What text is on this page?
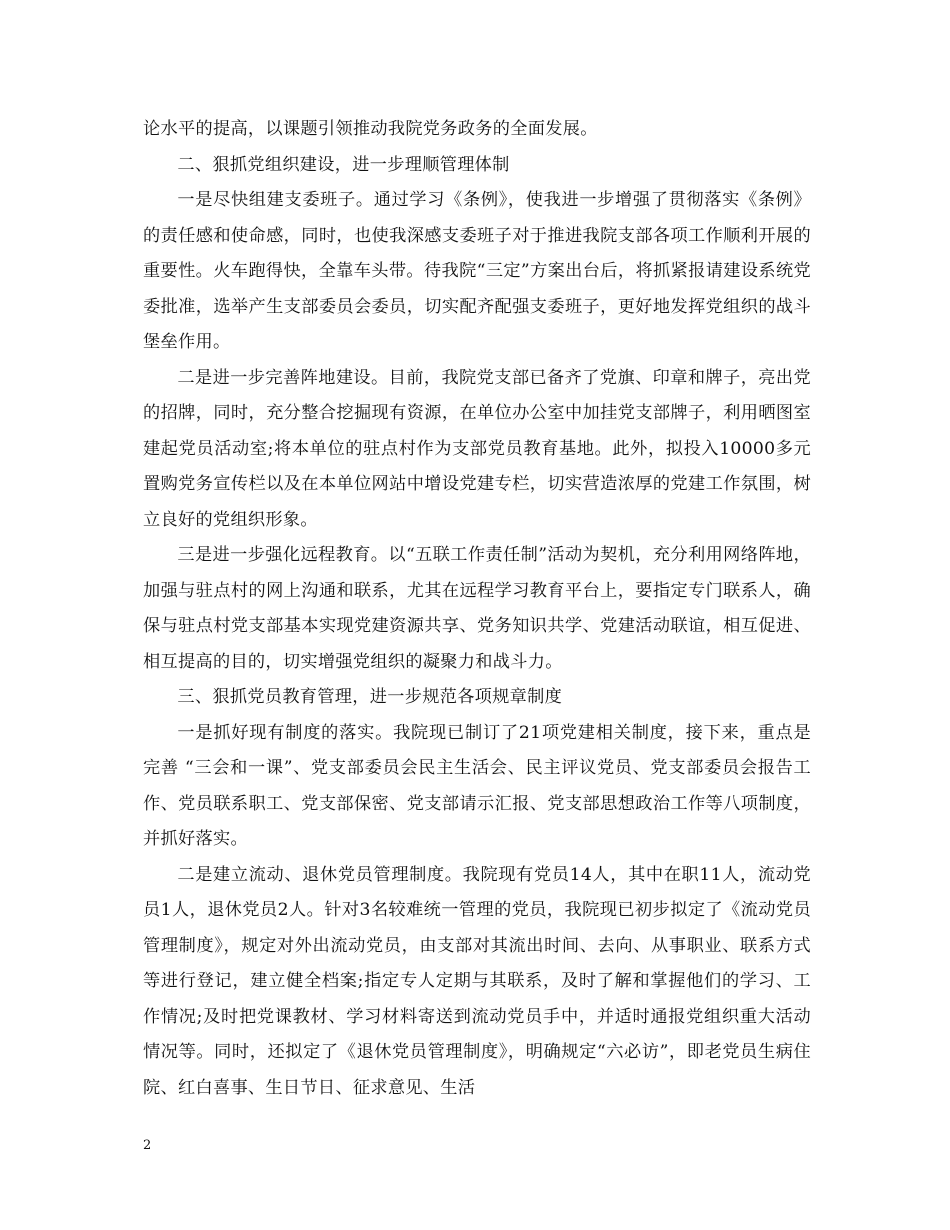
论水平的提高，以课题引领推动我院党务政务的全面发展。

二、狠抓党组织建设，进一步理顺管理体制

一是尽快组建支委班子。通过学习《条例》，使我进一步增强了贯彻落实《条例》的责任感和使命感，同时，也使我深感支委班子对于推进我院支部各项工作顺利开展的重要性。火车跑得快，全靠车头带。待我院“三定”方案出台后，将抓紧报请建设系统党委批准，选举产生支部委员会委员，切实配齐配强支委班子，更好地发挥党组织的战斗堡垒作用。

二是进一步完善阵地建设。目前，我院党支部已备齐了党旗、印章和牌子，亮出党的招牌，同时，充分整合挖掘现有资源，在单位办公室中加挂党支部牌子，利用晒图室建起党员活动室;将本单位的驻点村作为支部党员教育基地。此外，拟投入10000多元置购党务宣传栏以及在本单位网站中增设党建专栏，切实营造浓厚的党建工作氛围，树立良好的党组织形象。

三是进一步强化远程教育。以“五联工作责任制”活动为契机，充分利用网络阵地，加强与驻点村的网上沟通和联系，尤其在远程学习教育平台上，要指定专门联系人，确保与驻点村党支部基本实现党建资源共享、党务知识共学、党建活动联谊，相互促进、相互提高的目的，切实增强党组织的凝聚力和战斗力。

三、狠抓党员教育管理，进一步规范各项规章制度

一是抓好现有制度的落实。我院现已制订了21项党建相关制度，接下来，重点是完善 “三会和一课”、党支部委员会民主生活会、民主评议党员、党支部委员会报告工作、党员联系职工、党支部保密、党支部请示汇报、党支部思想政治工作等八项制度，并抓好落实。

二是建立流动、退休党员管理制度。我院现有党员14人，其中在职11人，流动党员1人，退休党员2人。针对3名较难统一管理的党员，我院现已初步拟定了《流动党员管理制度》，规定对外出流动党员，由支部对其流出时间、去向、从事职业、联系方式等进行登记，建立健全档案;指定专人定期与其联系，及时了解和掌握他们的学习、工作情况;及时把党课教材、学习材料寄送到流动党员手中，并适时通报党组织重大活动情况等。同时，还拟定了《退休党员管理制度》，明确规定“六必访”，即老党员生病住院、红白喜事、生日节日、征求意见、生活

2
